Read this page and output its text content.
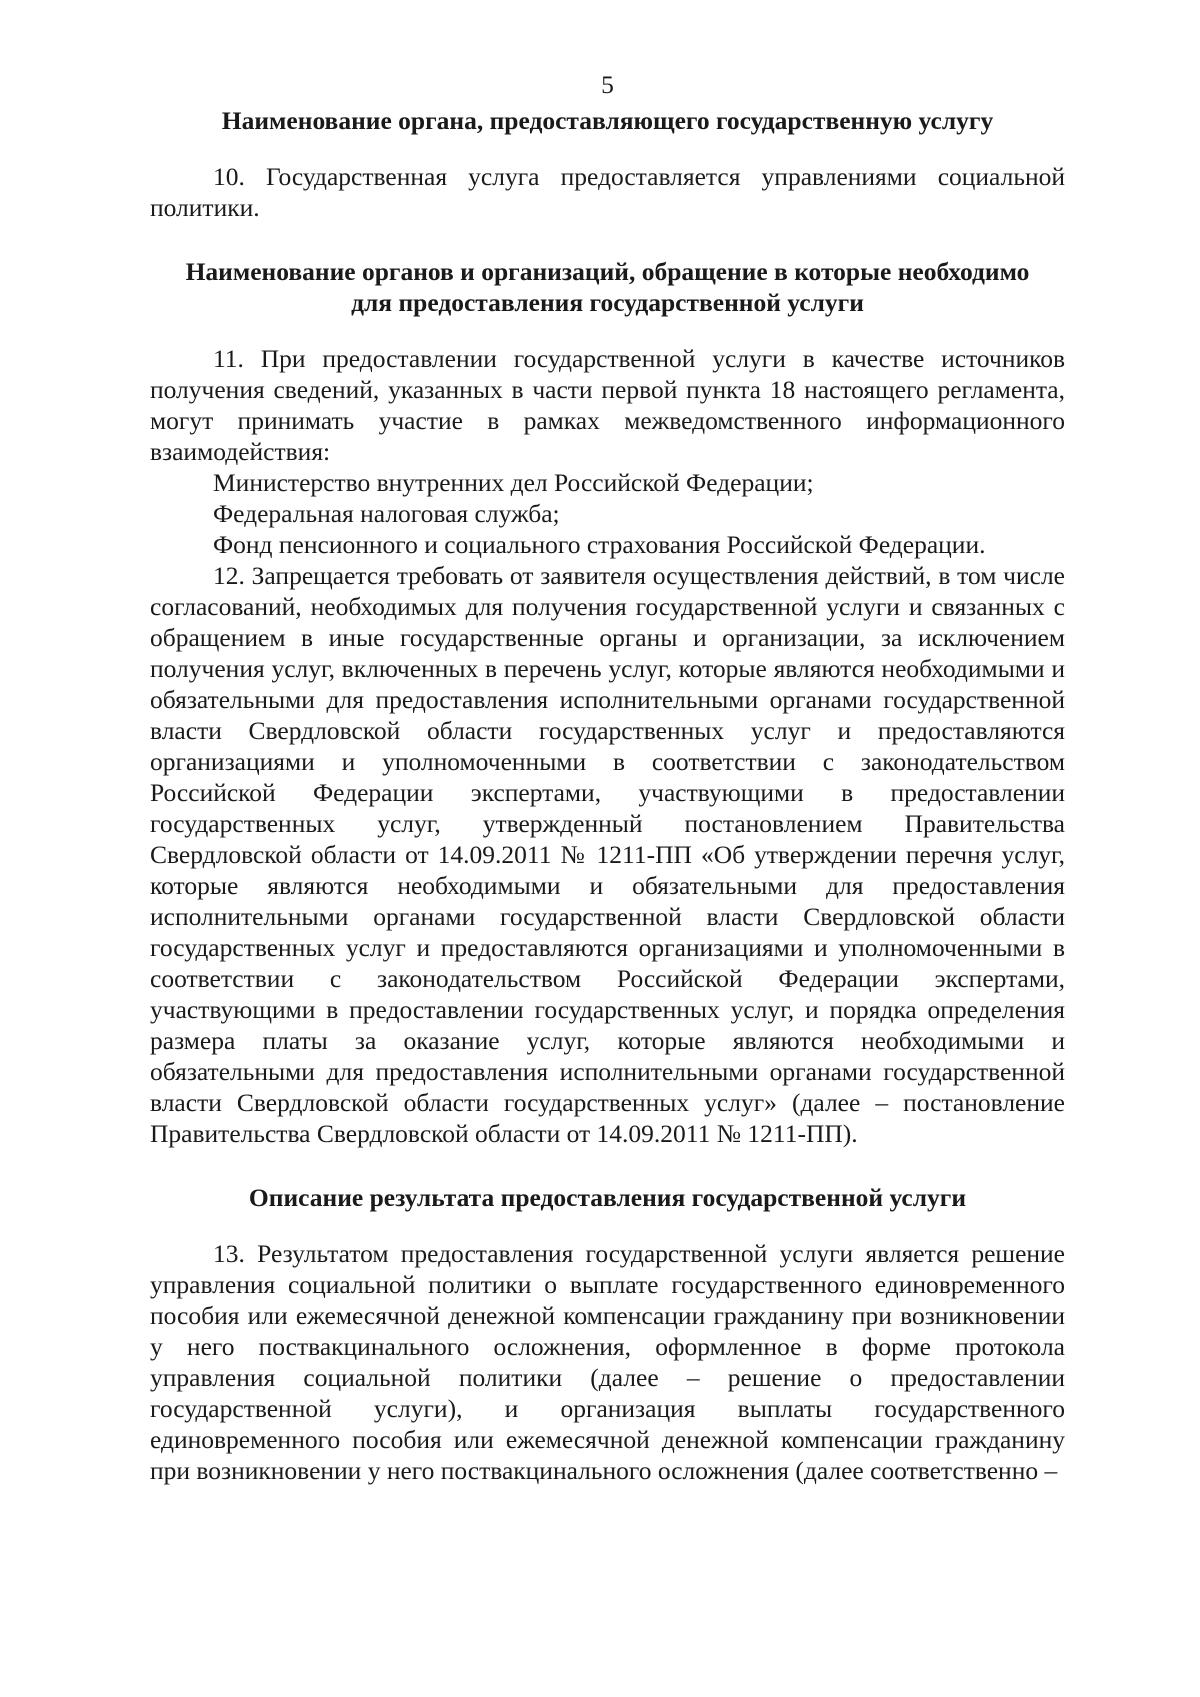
5
Наименование органа, предоставляющего государственную услугу

10. Государственная услуга предоставляется управлениями социальной политики.

Наименование органов и организаций, обращение в которые необходимо
для предоставления государственной услуги

11. При предоставлении государственной услуги в качестве источников получения сведений, указанных в части первой пункта 18 настоящего регламента, могут принимать участие в рамках межведомственного информационного взаимодействия:

Министерство внутренних дел Российской Федерации;

Федеральная налоговая служба;

Фонд пенсионного и социального страхования Российской Федерации.

12. Запрещается требовать от заявителя осуществления действий, в том числе согласований, необходимых для получения государственной услуги и связанных с обращением в иные государственные органы и организации, за исключением получения услуг, включенных в перечень услуг, которые являются необходимыми и обязательными для предоставления исполнительными органами государственной власти Свердловской области государственных услуг и предоставляются организациями и уполномоченными в соответствии с законодательством Российской Федерации экспертами, участвующими в предоставлении государственных услуг, утвержденный постановлением Правительства Свердловской области от 14.09.2011 № 1211-ПП «Об утверждении перечня услуг, которые являются необходимыми и обязательными для предоставления исполнительными органами государственной власти Свердловской области государственных услуг и предоставляются организациями и уполномоченными в соответствии с законодательством Российской Федерации экспертами, участвующими в предоставлении государственных услуг, и порядка определения размера платы за оказание услуг, которые являются необходимыми и обязательными для предоставления исполнительными органами государственной власти Свердловской области государственных услуг» (далее – постановление Правительства Свердловской области от 14.09.2011 № 1211-ПП).

Описание результата предоставления государственной услуги

13. Результатом предоставления государственной услуги является решение управления социальной политики о выплате государственного единовременного пособия или ежемесячной денежной компенсации гражданину при возникновении у него поствакцинального осложнения, оформленное в форме протокола управления социальной политики (далее – решение о предоставлении государственной услуги), и организация выплаты государственного единовременного пособия или ежемесячной денежной компенсации гражданину при возникновении у него поствакцинального осложнения (далее соответственно –
